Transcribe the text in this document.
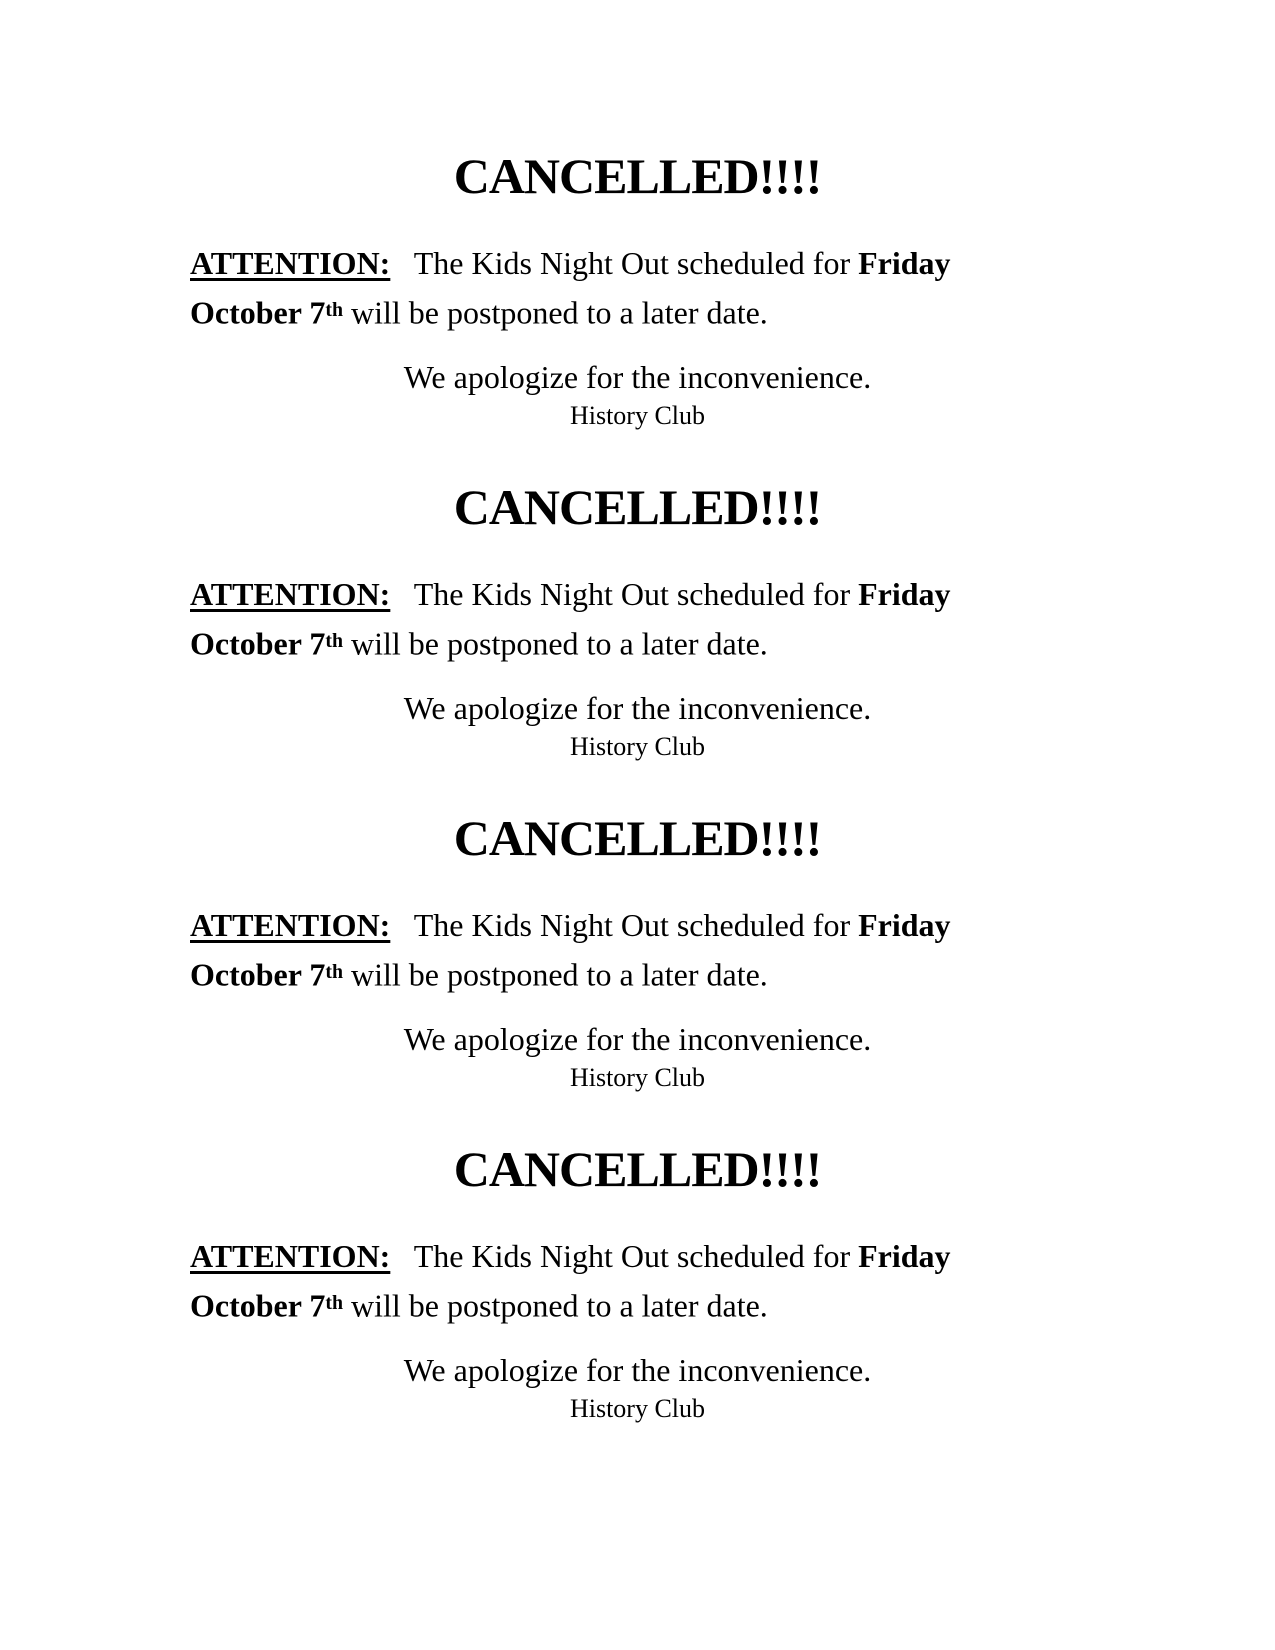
CANCELLED!!!!

ATTENTION: The Kids Night Out scheduled for Friday
October 7th will be postponed to a later date.

We apologize for the inconvenience.

History Club

CANCELLED!!!!

ATTENTION: The Kids Night Out scheduled for Friday
October 7th will be postponed to a later date.

We apologize for the inconvenience.

History Club

CANCELLED!!!!

ATTENTION: The Kids Night Out scheduled for Friday
October 7th will be postponed to a later date.

We apologize for the inconvenience.

History Club

CANCELLED!!!!

ATTENTION: The Kids Night Out scheduled for Friday
October 7th will be postponed to a later date.

We apologize for the inconvenience.

History Club
